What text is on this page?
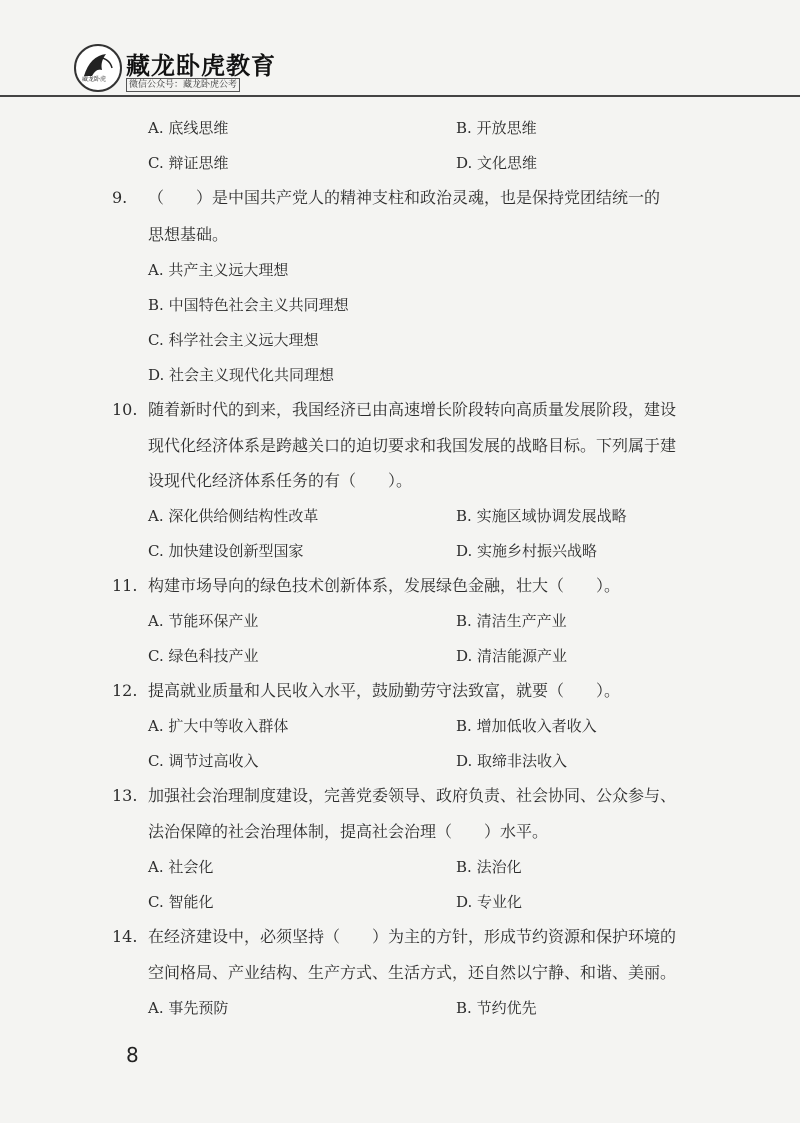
藏龙卧虎 藏龙卧虎教育
微信公众号：藏龙卧虎公考
A. 底线思维	B. 开放思维
C. 辩证思维	D. 文化思维
9. （　　）是中国共产党人的精神支柱和政治灵魂，也是保持党团结统一的
思想基础。
A. 共产主义远大理想
B. 中国特色社会主义共同理想
C. 科学社会主义远大理想
D. 社会主义现代化共同理想
10. 随着新时代的到来，我国经济已由高速增长阶段转向高质量发展阶段，建设
现代化经济体系是跨越关口的迫切要求和我国发展的战略目标。下列属于建
设现代化经济体系任务的有（　　）。
A. 深化供给侧结构性改革	B. 实施区域协调发展战略
C. 加快建设创新型国家	D. 实施乡村振兴战略
11. 构建市场导向的绿色技术创新体系，发展绿色金融，壮大（　　）。
A. 节能环保产业	B. 清洁生产产业
C. 绿色科技产业	D. 清洁能源产业
12. 提高就业质量和人民收入水平，鼓励勤劳守法致富，就要（　　）。
A. 扩大中等收入群体	B. 增加低收入者收入
C. 调节过高收入	D. 取缔非法收入
13. 加强社会治理制度建设，完善党委领导、政府负责、社会协同、公众参与、
法治保障的社会治理体制，提高社会治理（　　）水平。
A. 社会化	B. 法治化
C. 智能化	D. 专业化
14. 在经济建设中，必须坚持（　　）为主的方针，形成节约资源和保护环境的
空间格局、产业结构、生产方式、生活方式，还自然以宁静、和谐、美丽。
A. 事先预防	B. 节约优先
8
